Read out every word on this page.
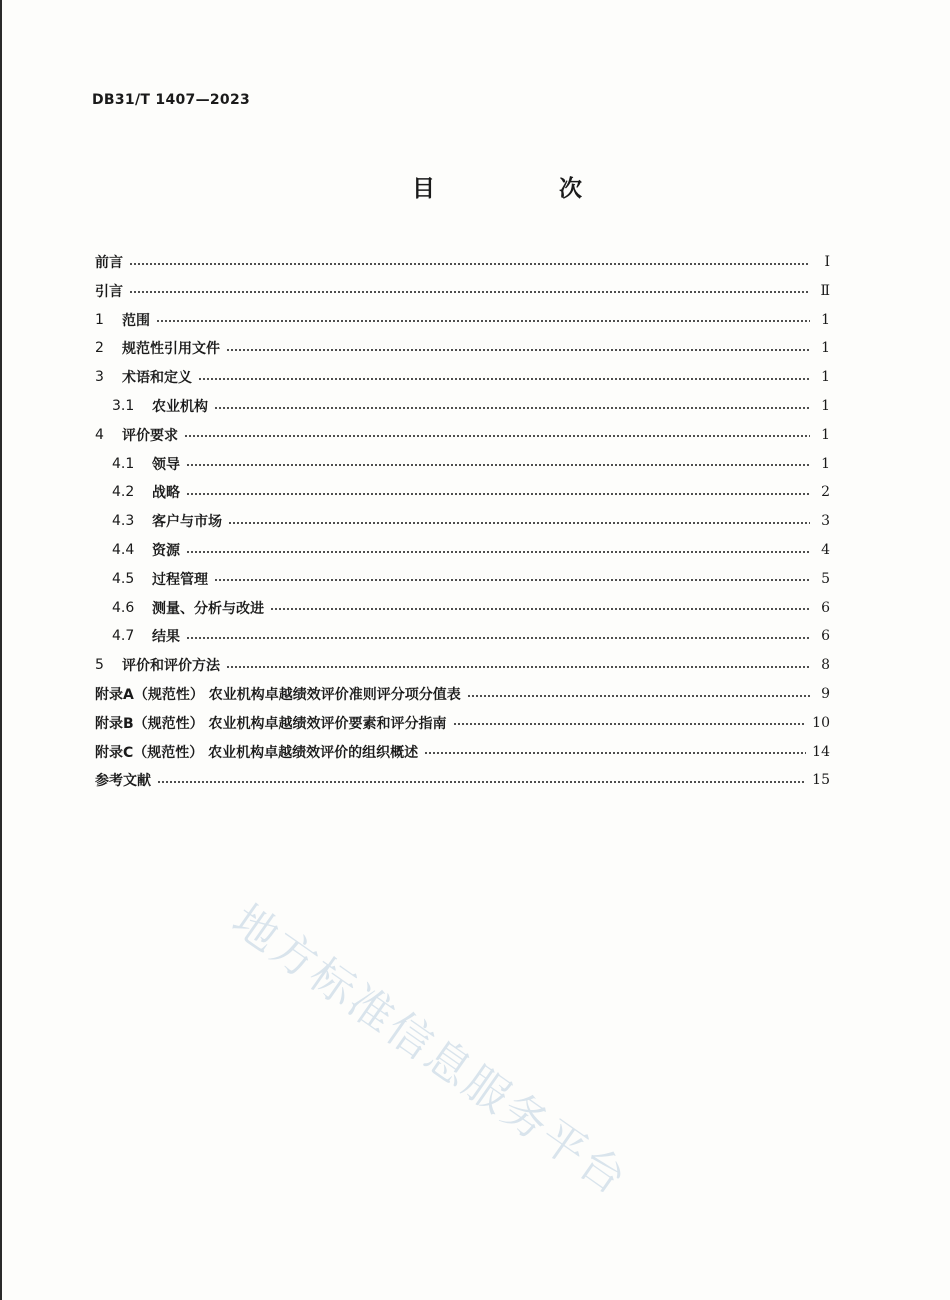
DB31/T 1407—2023
目 次
前言	Ⅰ
引言	Ⅱ
1	范围	1
2	规范性引用文件	1
3	术语和定义	1
3.1	农业机构	1
4	评价要求	1
4.1	领导	1
4.2	战略	2
4.3	客户与市场	3
4.4	资源	4
4.5	过程管理	5
4.6	测量、分析与改进	6
4.7	结果	6
5	评价和评价方法	8
附录A（规范性） 农业机构卓越绩效评价准则评分项分值表	9
附录B（规范性） 农业机构卓越绩效评价要素和评分指南	10
附录C（规范性） 农业机构卓越绩效评价的组织概述	14
参考文献	15
地方标准信息服务平台
